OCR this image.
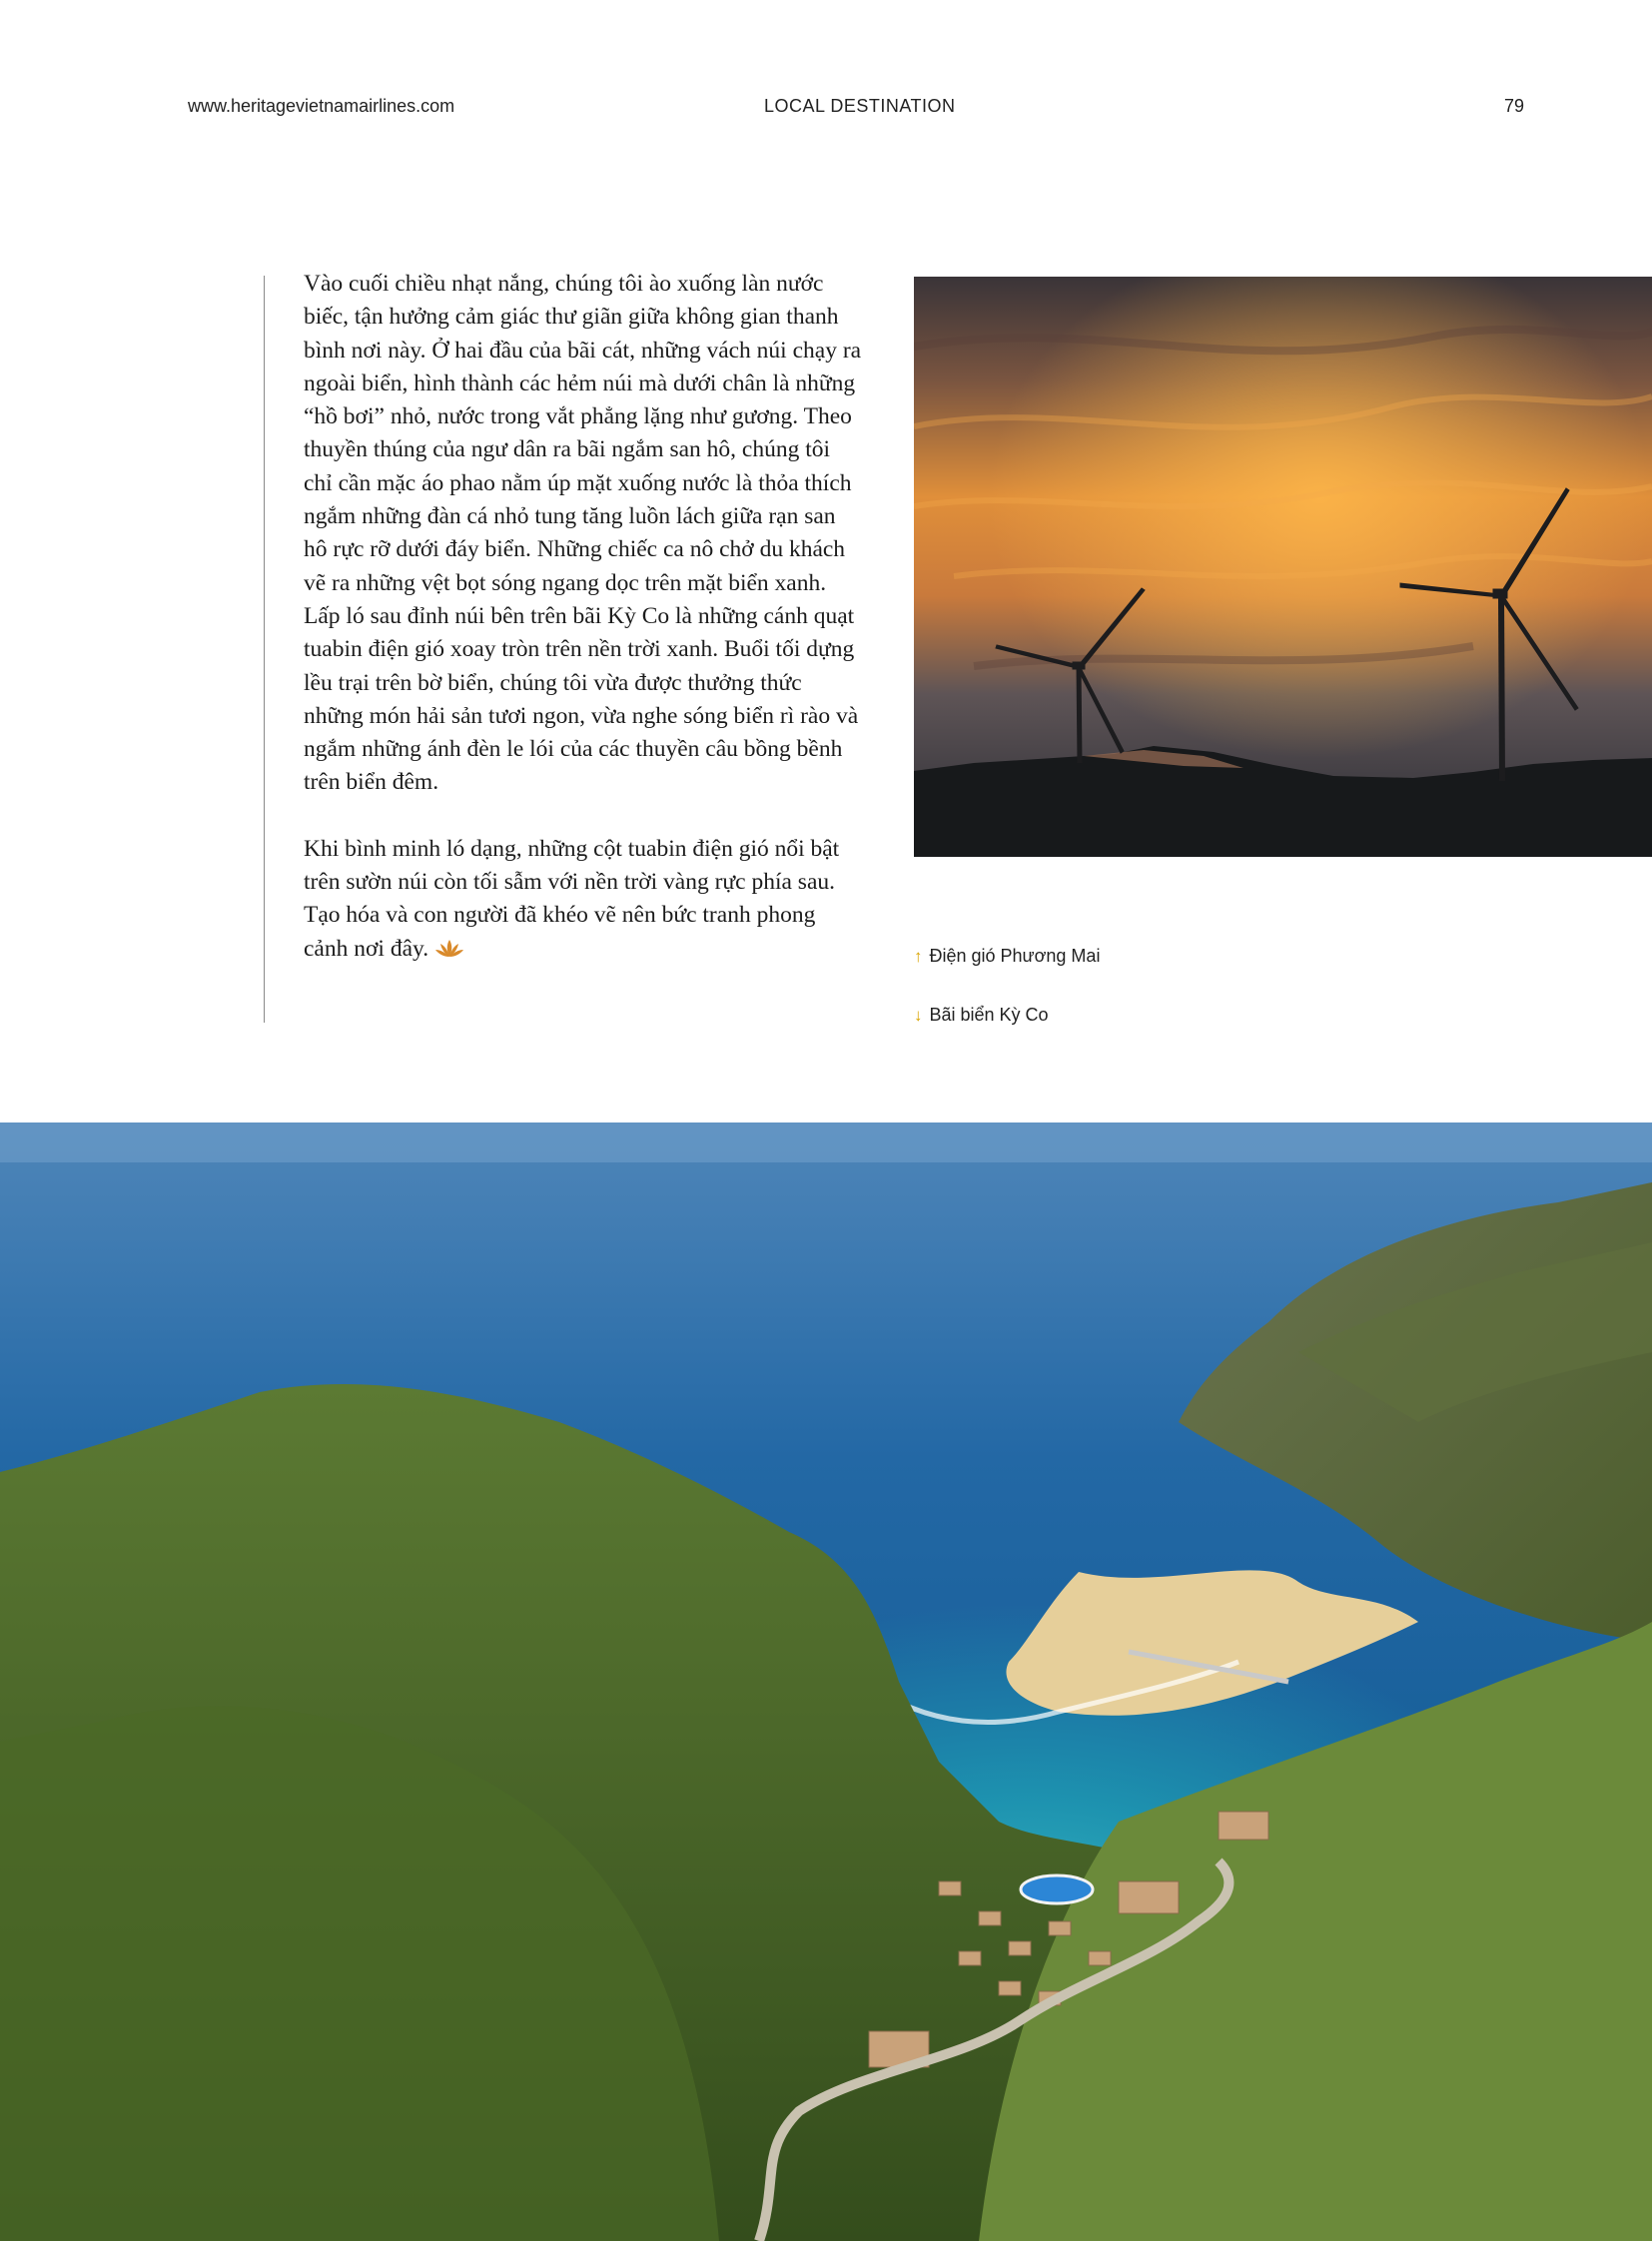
www.heritagevietnamairlines.com	LOCAL DESTINATION	79

Vào cuối chiều nhạt nắng, chúng tôi ào xuống làn nước biếc, tận hưởng cảm giác thư giãn giữa không gian thanh bình nơi này. Ở hai đầu của bãi cát, những vách núi chạy ra ngoài biển, hình thành các hẻm núi mà dưới chân là những “hồ bơi” nhỏ, nước trong vắt phẳng lặng như gương. Theo thuyền thúng của ngư dân ra bãi ngắm san hô, chúng tôi chỉ cần mặc áo phao nằm úp mặt xuống nước là thỏa thích ngắm những đàn cá nhỏ tung tăng luồn lách giữa rạn san hô rực rỡ dưới đáy biển. Những chiếc ca nô chở du khách vẽ ra những vệt bọt sóng ngang dọc trên mặt biển xanh. Lấp ló sau đỉnh núi bên trên bãi Kỳ Co là những cánh quạt tuabin điện gió xoay tròn trên nền trời xanh. Buổi tối dựng lều trại trên bờ biển, chúng tôi vừa được thưởng thức những món hải sản tươi ngon, vừa nghe sóng biển rì rào và ngắm những ánh đèn le lói của các thuyền câu bồng bềnh trên biển đêm.

Khi bình minh ló dạng, những cột tuabin điện gió nổi bật trên sườn núi còn tối sẫm với nền trời vàng rực phía sau. Tạo hóa và con người đã khéo vẽ nên bức tranh phong cảnh nơi đây.	↑ Điện gió Phương Mai
↓ Bãi biển Kỳ Co
